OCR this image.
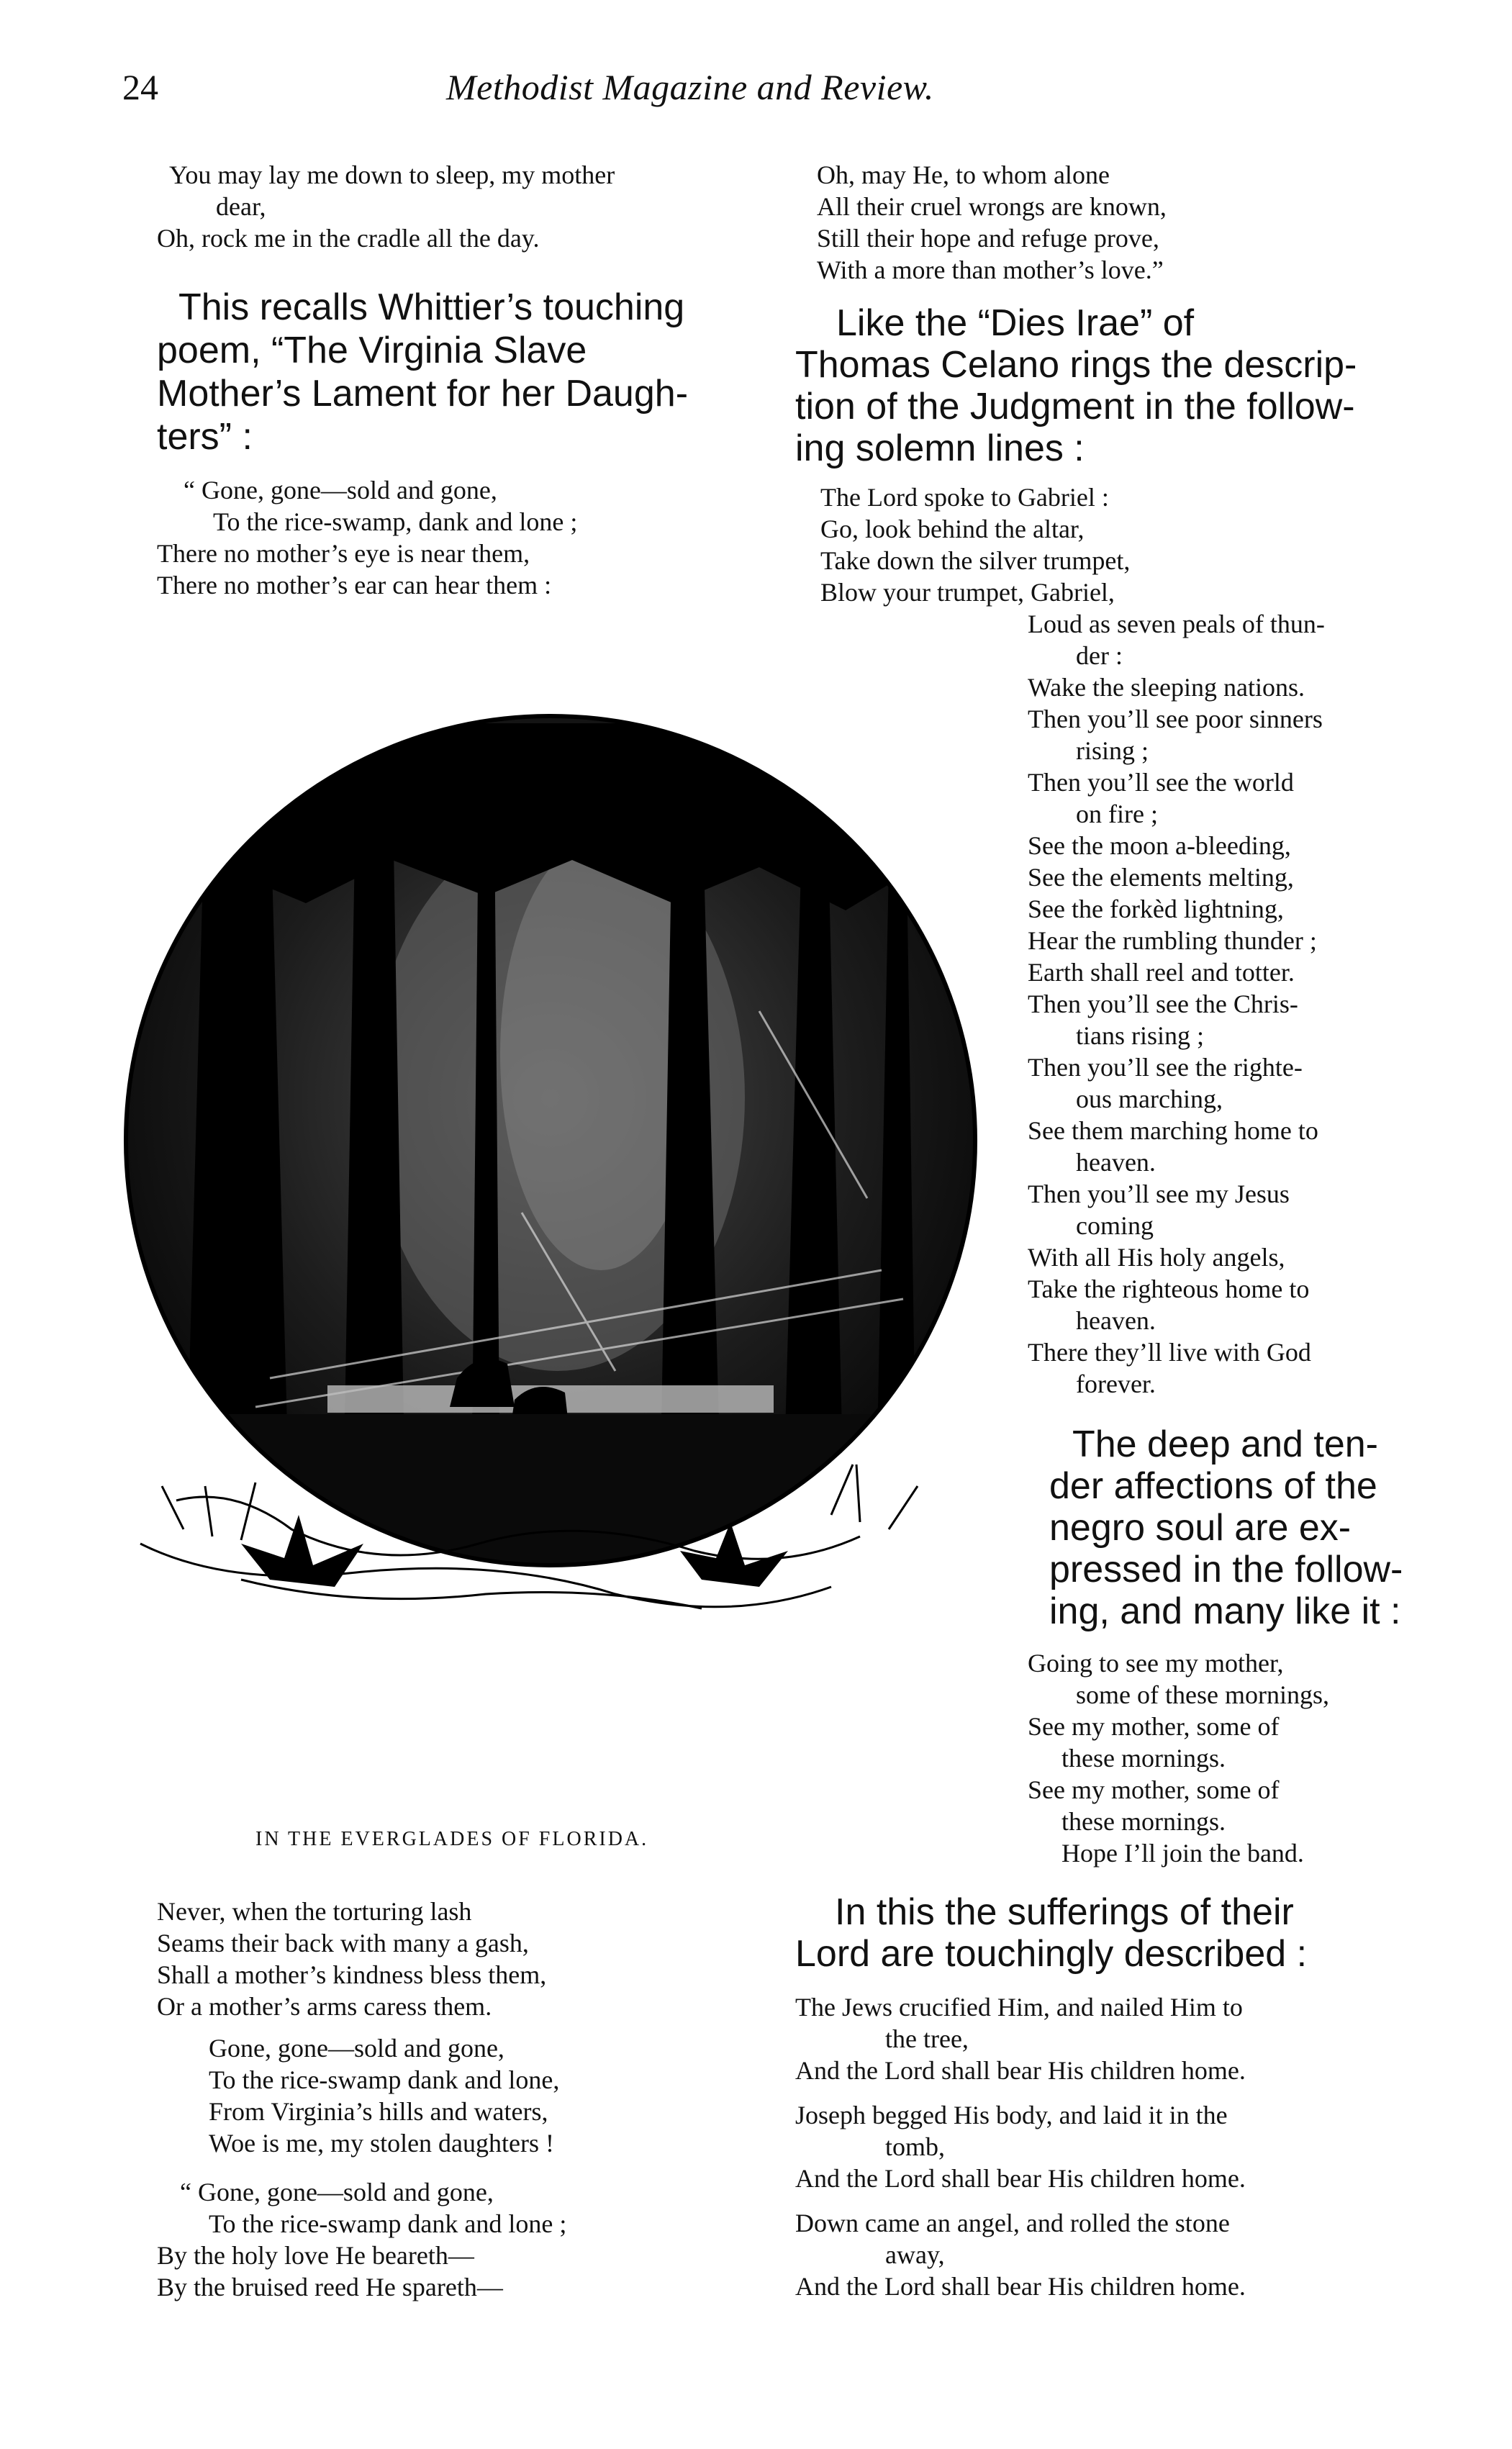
24	Methodist Magazine and Review.
You may lay me down to sleep, my mother
dear,
Oh, rock me in the cradle all the day.
This recalls Whittier’s touching
poem, “The Virginia Slave
Mother’s Lament for her Daugh-
ters” :
“ Gone, gone—sold and gone,
To the rice-swamp, dank and lone ;
There no mother’s eye is near them,
There no mother’s ear can hear them :
IN THE EVERGLADES OF FLORIDA.
Never, when the torturing lash
Seams their back with many a gash,
Shall a mother’s kindness bless them,
Or a mother’s arms caress them.
Gone, gone—sold and gone,
To the rice-swamp dank and lone,
From Virginia’s hills and waters,
Woe is me, my stolen daughters !
“ Gone, gone—sold and gone,
To the rice-swamp dank and lone ;
By the holy love He beareth—
By the bruised reed He spareth—
Oh, may He, to whom alone
All their cruel wrongs are known,
Still their hope and refuge prove,
With a more than mother’s love.”
Like the “Dies Irae” of
Thomas Celano rings the descrip-
tion of the Judgment in the follow-
ing solemn lines :
The Lord spoke to Gabriel :
Go, look behind the altar,
Take down the silver trumpet,
Blow your trumpet, Gabriel,
Loud as seven peals of thun-
der :
Wake the sleeping nations.
Then you’ll see poor sinners
rising ;
Then you’ll see the world
on fire ;
See the moon a-bleeding,
See the elements melting,
See the forkèd lightning,
Hear the rumbling thunder ;
Earth shall reel and totter.
Then you’ll see the Chris-
tians rising ;
Then you’ll see the righte-
ous marching,
See them marching home to
heaven.
Then you’ll see my Jesus
coming
With all His holy angels,
Take the righteous home to
heaven.
There they’ll live with God
forever.
The deep and ten-
der affections of the
negro soul are ex-
pressed in the follow-
ing, and many like it :
Going to see my mother,
some of these mornings,
See my mother, some of
these mornings.
See my mother, some of
these mornings.
Hope I’ll join the band.
In this the sufferings of their
Lord are touchingly described :
The Jews crucified Him, and nailed Him to
the tree,
And the Lord shall bear His children home.
Joseph begged His body, and laid it in the
tomb,
And the Lord shall bear His children home.
Down came an angel, and rolled the stone
away,
And the Lord shall bear His children home.
